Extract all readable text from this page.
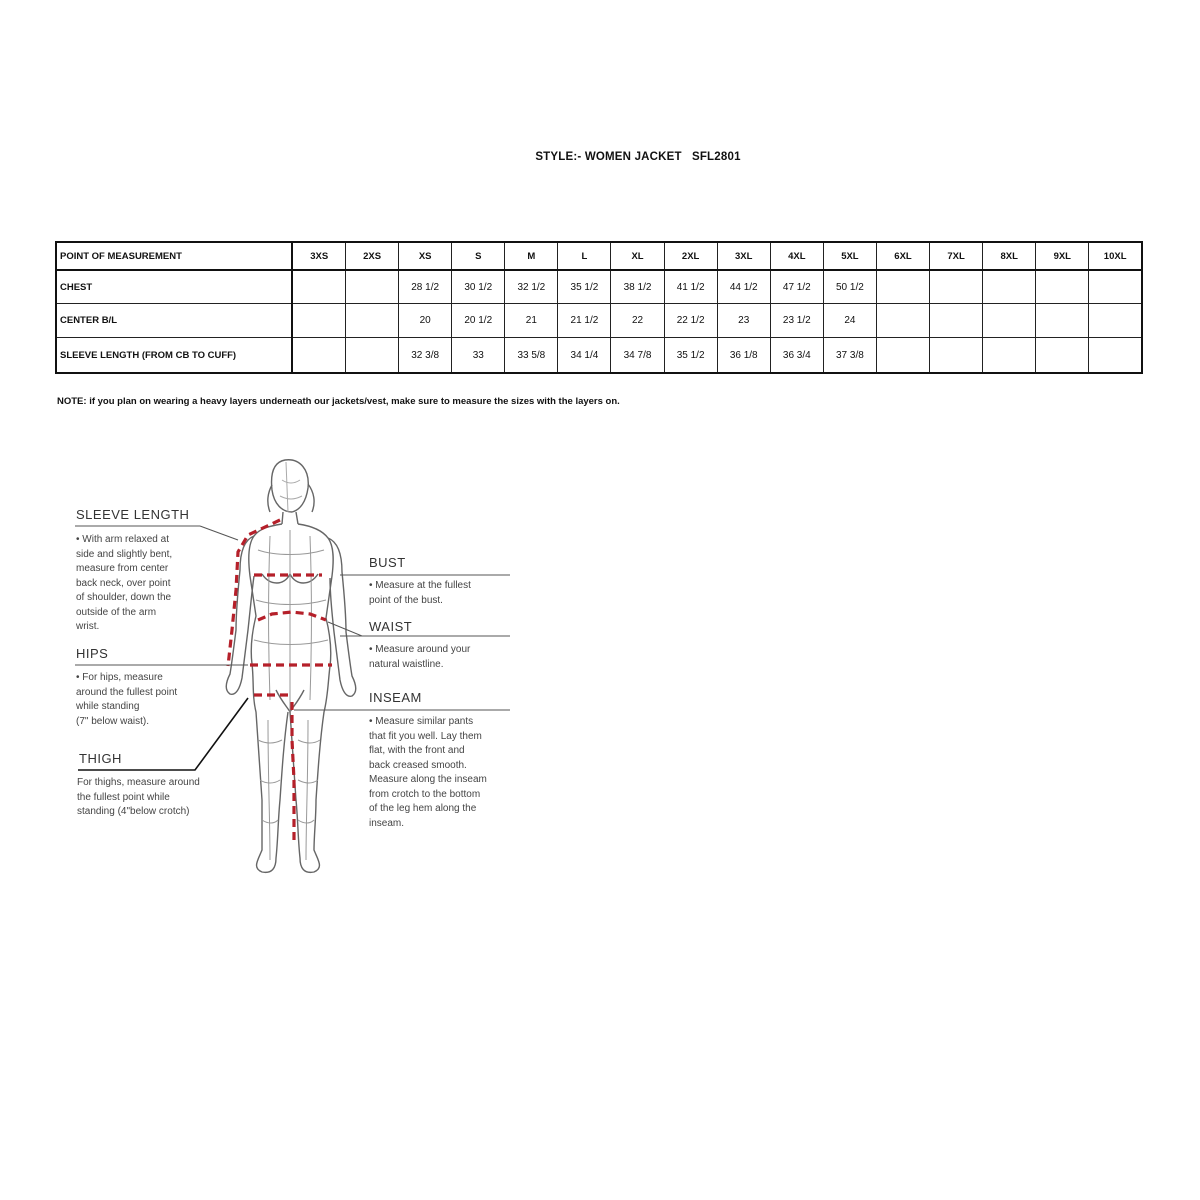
STYLE:- WOMEN JACKET   SFL2801
POINT OF MEASUREMENT	3XS	2XS	XS	S	M	L	XL	2XL	3XL	4XL	5XL	6XL	7XL	8XL	9XL	10XL
CHEST			28 1/2	30 1/2	32 1/2	35 1/2	38 1/2	41 1/2	44 1/2	47 1/2	50 1/2					
CENTER B/L			20	20 1/2	21	21 1/2	22	22 1/2	23	23 1/2	24					
SLEEVE LENGTH (FROM CB TO CUFF)			32 3/8	33	33 5/8	34 1/4	34 7/8	35 1/2	36 1/8	36 3/4	37 3/8					
NOTE: if you plan on wearing a heavy layers underneath our jackets/vest, make sure to measure the sizes with the layers on.
SLEEVE LENGTH
• With arm relaxed at
side and slightly bent,
measure from center
back neck, over point
of shoulder, down the
outside of the arm
wrist.
HIPS
• For hips, measure
around the fullest point
while standing
(7" below waist).
THIGH
For thighs, measure around
the fullest point while
standing (4"below crotch)
BUST
• Measure at the fullest
point of the bust.
WAIST
• Measure around your
natural waistline.
INSEAM
• Measure similar pants
that fit you well. Lay them
flat, with the front and
back creased smooth.
Measure along the inseam
from crotch to the bottom
of the leg hem along the
inseam.
